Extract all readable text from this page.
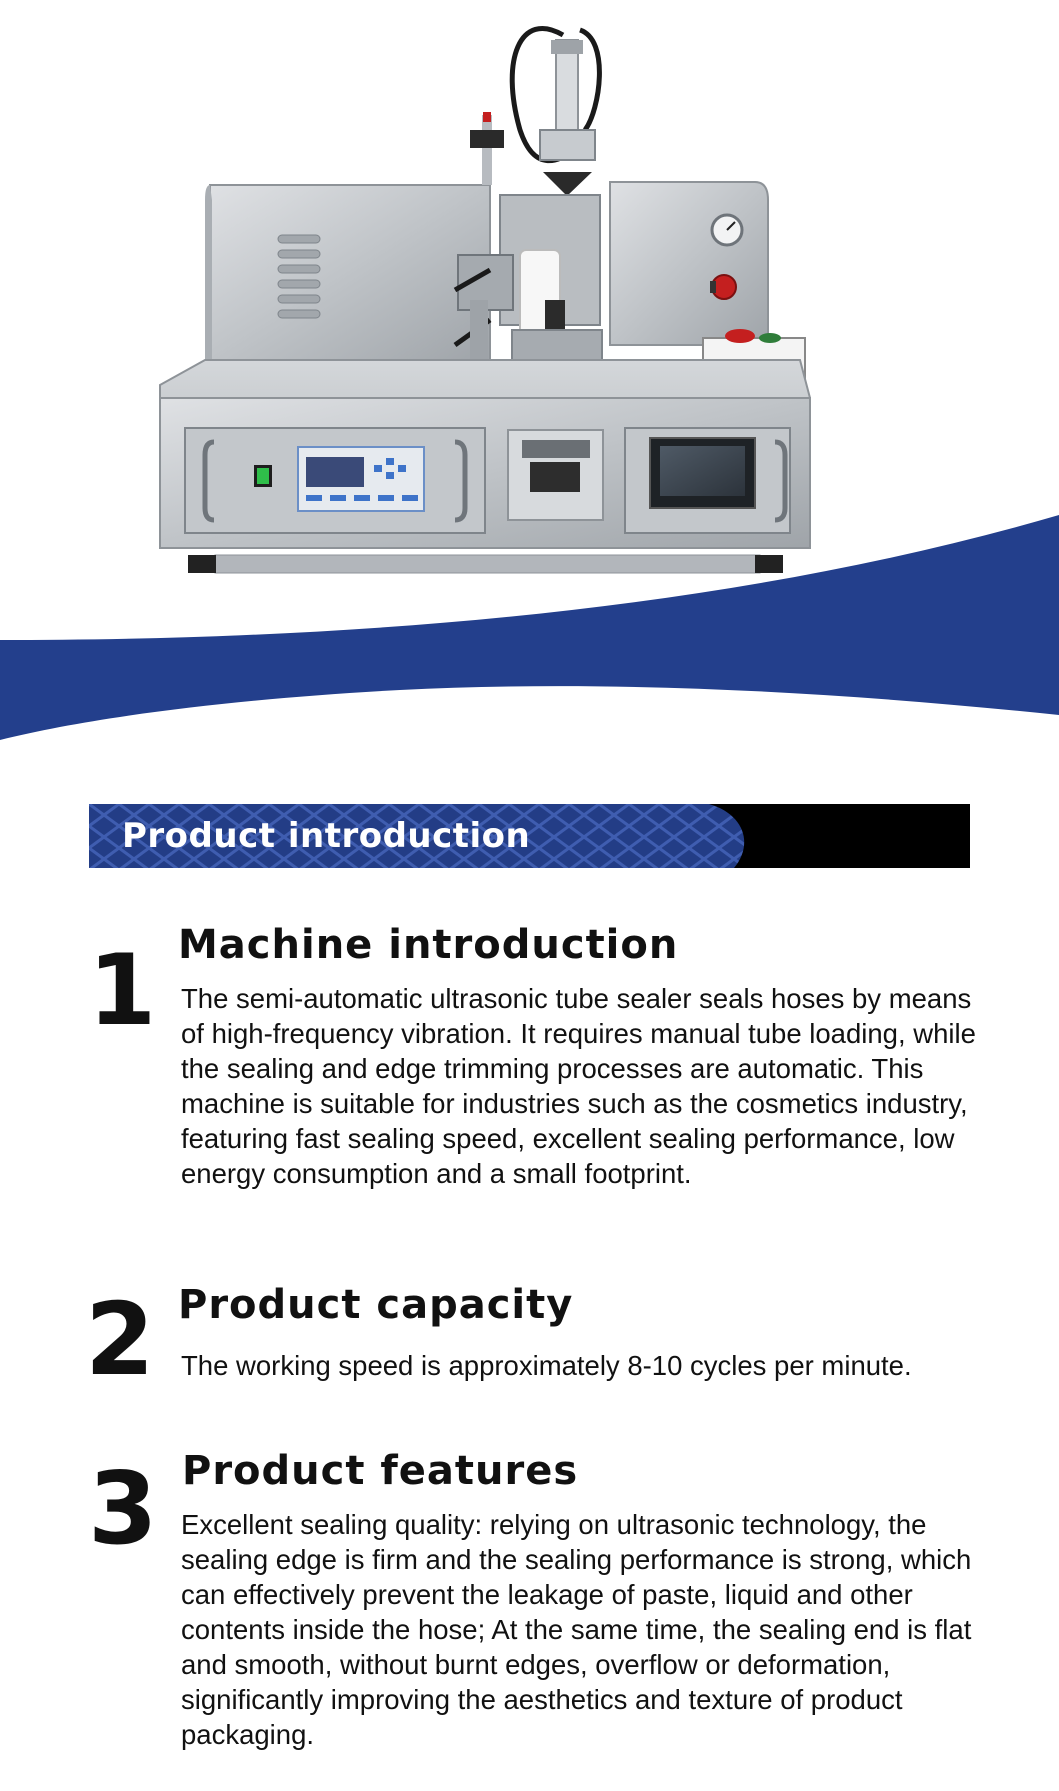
Product introduction
1 Machine introduction
The semi-automatic ultrasonic tube sealer seals hoses by means of high-frequency vibration. It requires manual tube loading, while the sealing and edge trimming processes are automatic. This machine is suitable for industries such as the cosmetics industry, featuring fast sealing speed, excellent sealing performance, low energy consumption and a small footprint.
2 Product capacity
The working speed is approximately 8-10 cycles per minute.
3 Product features
Excellent sealing quality: relying on ultrasonic technology, the sealing edge is firm and the sealing performance is strong, which can effectively prevent the leakage of paste, liquid and other contents inside the hose; At the same time, the sealing end is flat and smooth, without burnt edges, overflow or deformation, significantly improving the aesthetics and texture of product packaging.
